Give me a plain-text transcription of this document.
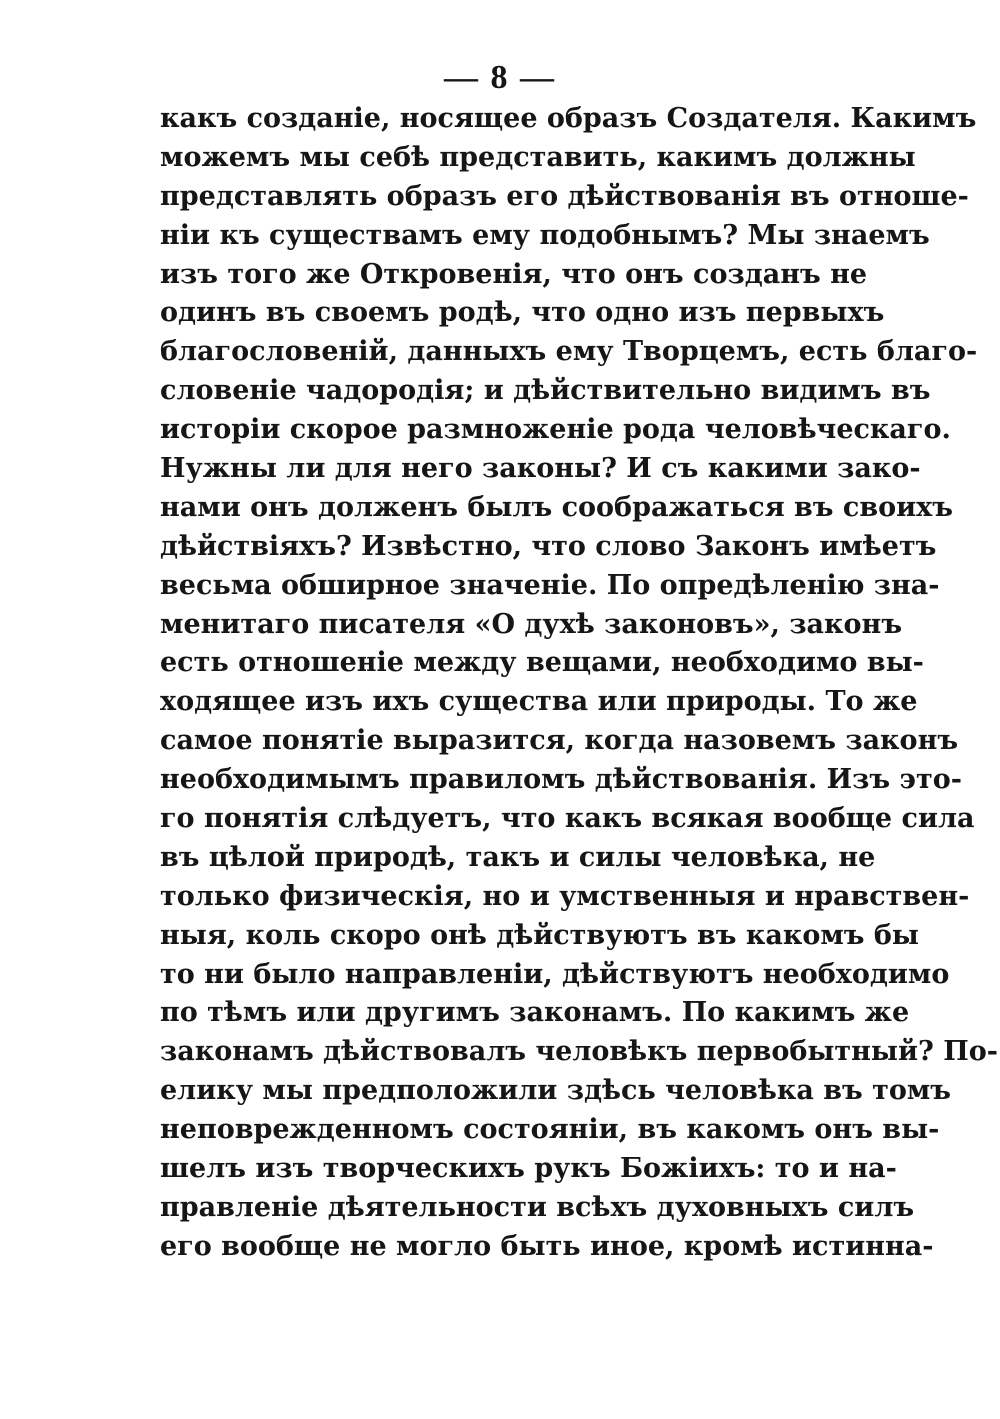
— 8 —
какъ созданіе, носящее образъ Создателя. Какимъ
можемъ мы себѣ представить, какимъ должны
представлять образъ его дѣйствованія въ отноше-
ніи къ существамъ ему подобнымъ? Мы знаемъ
изъ того же Откровенія, что онъ созданъ не
одинъ въ своемъ родѣ, что одно изъ первыхъ
благословеній, данныхъ ему Творцемъ, есть благо-
словеніе чадородія; и дѣйствительно видимъ въ
исторіи скорое размноженіе рода человѣческаго.
Нужны ли для него законы? И съ какими зако-
нами онъ долженъ былъ соображаться въ своихъ
дѣйствіяхъ? Извѣстно, что слово Законъ имѣетъ
весьма обширное значеніе. По опредѣленію зна-
менитаго писателя «О духѣ законовъ», законъ
есть отношеніе между вещами, необходимо вы-
ходящее изъ ихъ существа или природы. То же
самое понятіе выразится, когда назовемъ законъ
необходимымъ правиломъ дѣйствованія. Изъ это-
го понятія слѣдуетъ, что какъ всякая вообще сила
въ цѣлой природѣ, такъ и силы человѣка, не
только физическія, но и умственныя и нравствен-
ныя, коль скоро онѣ дѣйствуютъ въ какомъ бы
то ни было направленіи, дѣйствуютъ необходимо
по тѣмъ или другимъ законамъ. По какимъ же
законамъ дѣйствовалъ человѣкъ первобытный? По-
елику мы предположили здѣсь человѣка въ томъ
неповрежденномъ состояніи, въ какомъ онъ вы-
шелъ изъ творческихъ рукъ Божіихъ: то и на-
правленіе дѣятельности всѣхъ духовныхъ силъ
его вообще не могло быть иное, кромѣ истинна-
